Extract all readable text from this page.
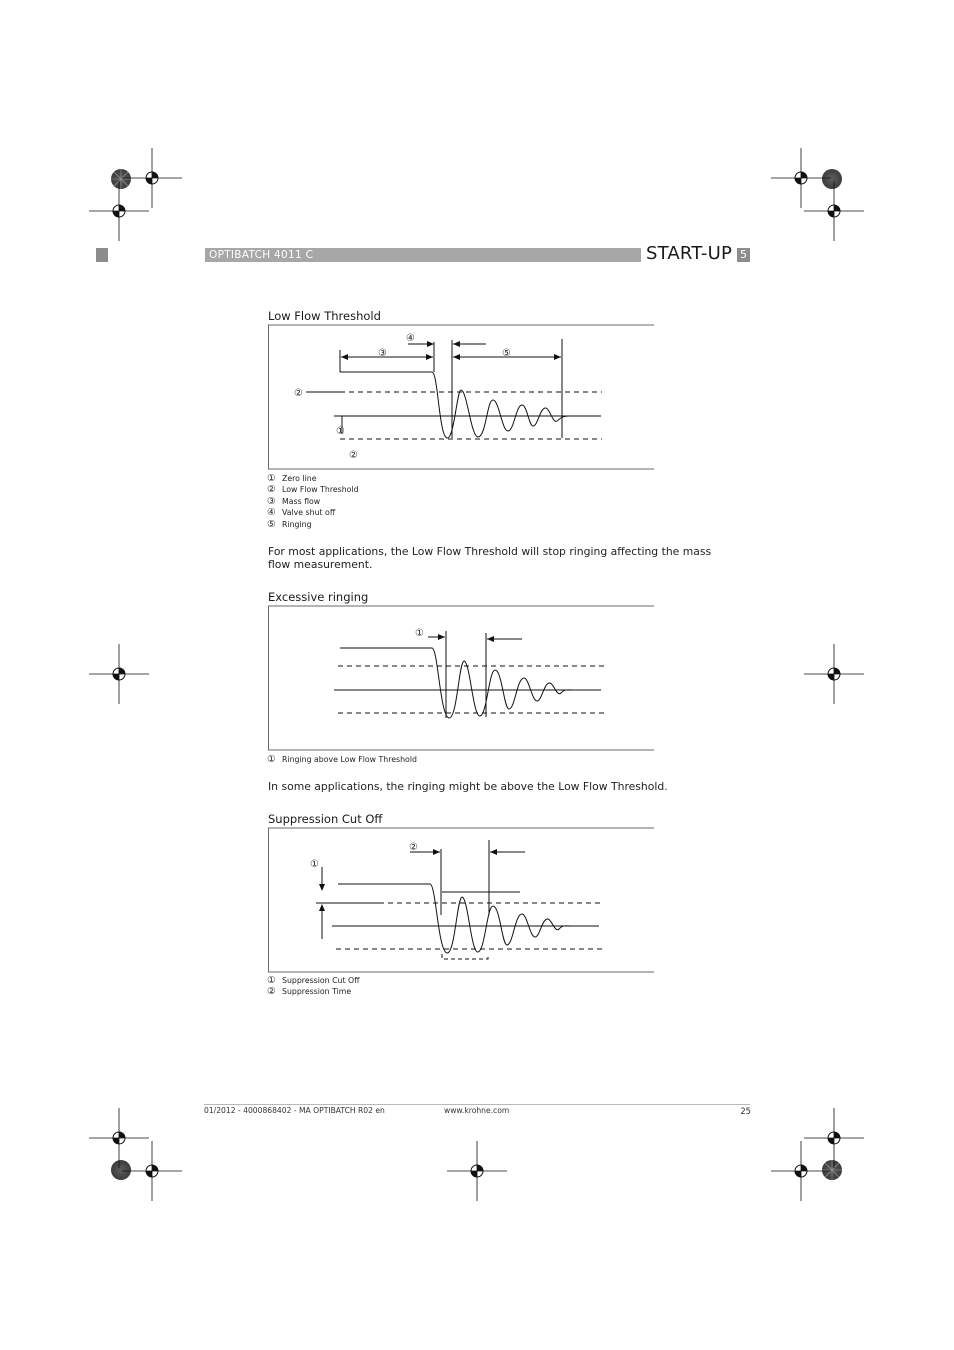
OPTIBATCH 4011 C	START-UP 5
Low Flow Threshold
④
③	⑤
②
①
②
① Zero line
② Low Flow Threshold
③ Mass flow
④ Valve shut off
⑤ Ringing
For most applications, the Low Flow Threshold will stop ringing affecting the mass flow measurement.
Excessive ringing
①
① Ringing above Low Flow Threshold
In some applications, the ringing might be above the Low Flow Threshold.
Suppression Cut Off
②
①
① Suppression Cut Off
② Suppression Time
01/2012 - 4000868402 - MA OPTIBATCH R02 en	www.krohne.com	25
